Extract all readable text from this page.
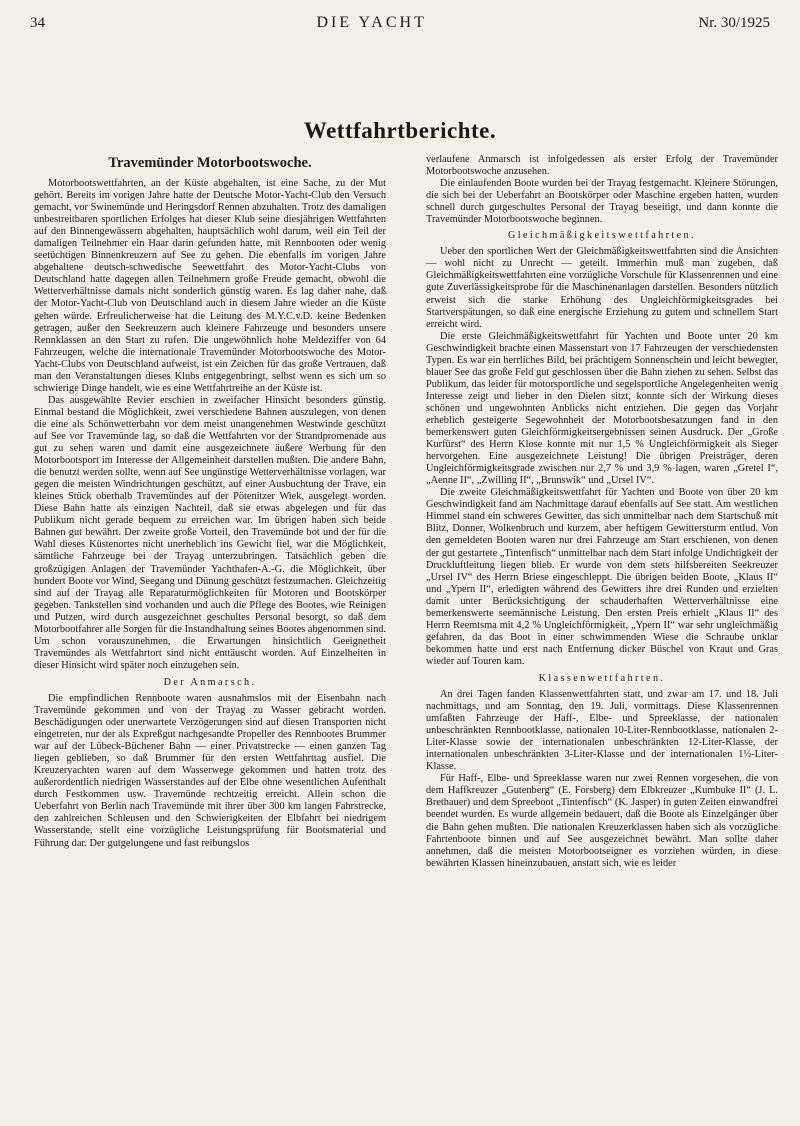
34	DIE YACHT	Nr. 30/1925
Wettfahrtberichte.
Travemünder Motorbootswoche.

Motorbootswettfahrten, an der Küste abgehalten, ist eine Sache, zu der Mut gehört. Bereits im vorigen Jahre hatte der Deutsche Motor-Yacht-Club den Versuch gemacht, vor Swinemünde und Heringsdorf Rennen abzuhalten. Trotz des damaligen unbestreitbaren sportlichen Erfolges hat dieser Klub seine diesjährigen Wettfahrten auf den Binnengewässern abgehalten, hauptsächlich wohl darum, weil ein Teil der damaligen Teilnehmer ein Haar darin gefunden hatte, mit Rennbooten oder wenig seetüchtigen Binnenkreuzern auf See zu gehen. Die ebenfalls im vorigen Jahre abgehaltene deutsch-schwedische Seewettfahrt des Motor-Yacht-Clubs von Deutschland hatte dagegen allen Teilnehmern große Freude gemacht, obwohl die Wetterverhältnisse damals nicht sonderlich günstig waren. Es lag daher nahe, daß der Motor-Yacht-Club von Deutschland auch in diesem Jahre wieder an die Küste gehen würde. Erfreulicherweise hat die Leitung des M.Y.C.v.D. keine Bedenken getragen, außer den Seekreuzern auch kleinere Fahrzeuge und besonders unsere Rennklassen an den Start zu rufen. Die ungewöhnlich hohe Meldeziffer von 64 Fahrzeugen, welche die internationale Travemünder Motorbootswoche des Motor-Yacht-Clubs von Deutschland aufweist, ist ein Zeichen für das große Vertrauen, daß man den Veranstaltungen dieses Klubs entgegenbringt, selbst wenn es sich um so schwierige Dinge handelt, wie es eine Wettfahrtreihe an der Küste ist.

Das ausgewählte Revier erschien in zweifacher Hinsicht besonders günstig. Einmal bestand die Möglichkeit, zwei verschiedene Bahnen auszulegen, von denen die eine als Schönwetterbahn vor dem meist unangenehmen Westwinde geschützt auf See vor Travemünde lag, so daß die Wettfahrten vor der Strandpromenade aus gut zu sehen waren und damit eine ausgezeichnete äußere Werbung für den Motorbootsport im Interesse der Allgemeinheit darstellen mußten. Die andere Bahn, die benutzt werden sollte, wenn auf See ungünstige Wetterverhältnisse vorlagen, war gegen die meisten Windrichtungen geschützt, auf einer Ausbuchtung der Trave, ein kleines Stück oberhalb Travemündes auf der Pötenitzer Wiek, ausgelegt worden. Diese Bahn hatte als einzigen Nachteil, daß sie etwas abgelegen und für das Publikum nicht gerade bequem zu erreichen war. Im übrigen haben sich beide Bahnen gut bewährt. Der zweite große Vorteil, den Travemünde bot und der für die Wahl dieses Küstenortes nicht unerheblich ins Gewicht fiel, war die Möglichkeit, sämtliche Fahrzeuge bei der Trayag unterzubringen. Tatsächlich geben die großzügigen Anlagen der Travemünder Yachthafen-A.-G. die Möglichkeit, über hundert Boote vor Wind, Seegang und Dünung geschützt festzumachen. Gleichzeitig sind auf der Trayag alle Reparaturmöglichkeiten für Motoren und Bootskörper gegeben. Tankstellen sind vorhanden und auch die Pflege des Bootes, wie Reinigen und Putzen, wird durch ausgezeichnet geschultes Personal besorgt, so daß dem Motorbootfahrer alle Sorgen für die Instandhaltung seines Bootes abgenommen sind. Um schon vorauszunehmen, die Erwartungen hinsichtlich Geeignetheit Travemündes als Wettfahrtort sind nicht enttäuscht worden. Auf Einzelheiten in dieser Hinsicht wird später noch einzugehen sein.

Der Anmarsch.

Die empfindlichen Rennboote waren ausnahmslos mit der Eisenbahn nach Travemünde gekommen und von der Trayag zu Wasser gebracht worden. Beschädigungen oder unerwartete Verzögerungen sind auf diesen Transporten nicht eingetreten, nur der als Expreßgut nachgesandte Propeller des Rennbootes Brummer war auf der Lübeck-Büchener Bahn — einer Privatstrecke — einen ganzen Tag liegen geblieben, so daß Brummer für den ersten Wettfahrttag ausfiel. Die Kreuzeryachten waren auf dem Wasserwege gekommen und hatten trotz des außerordentlich niedrigen Wasserstandes auf der Elbe ohne wesentlichen Aufenthalt durch Festkommen usw. Travemünde rechtzeitig erreicht. Allein schon die Ueberfahrt von Berlin nach Travemünde mit ihrer über 300 km langen Fahrstrecke, den zahlreichen Schleusen und den Schwierigkeiten der Elbfahrt bei niedrigem Wasserstande, stellt eine vorzügliche Leistungsprüfung für Bootsmaterial und Führung dar. Der gutgelungene und fast reibungslos

verlaufene Anmarsch ist infolgedessen als erster Erfolg der Travemünder Motorbootswoche anzusehen.

Die einlaufenden Boote wurden bei der Trayag festgemacht. Kleinere Störungen, die sich bei der Ueberfahrt an Bootskörper oder Maschine ergeben hatten, wurden schnell durch gutgeschultes Personal der Trayag beseitigt, und dann konnte die Travemünder Motorbootswoche beginnen.

Gleichmäßigkeitswettfahrten.

Ueber den sportlichen Wert der Gleichmäßigkeitswettfahrten sind die Ansichten — wohl nicht zu Unrecht — geteilt. Immerhin muß man zugeben, daß Gleichmäßigkeitswettfahrten eine vorzügliche Vorschule für Klassenrennen und eine gute Zuverlässigkeitsprobe für die Maschinenanlagen darstellen. Besonders nützlich erweist sich die starke Erhöhung des Ungleichförmigkeitsgrades bei Startverspätungen, so daß eine energische Erziehung zu gutem und schnellem Start erreicht wird.

Die erste Gleichmäßigkeitswettfahrt für Yachten und Boote unter 20 km Geschwindigkeit brachte einen Massenstart von 17 Fahrzeugen der verschiedensten Typen. Es war ein herrliches Bild, bei prächtigem Sonnenschein und leicht bewegter, blauer See das große Feld gut geschlossen über die Bahn ziehen zu sehen. Selbst das Publikum, das leider für motorsportliche und segelsportliche Angelegenheiten wenig Interesse zeigt und lieber in den Dielen sitzt, konnte sich der Wirkung dieses schönen und ungewohnten Anblicks nicht entziehen. Die gegen das Vorjahr erheblich gesteigerte Segewohnheit der Motorbootsbesatzungen fand in den bemerkenswert guten Gleichförmigkeitsergebnissen seinen Ausdruck. Der „Große Kurfürst“ des Herrn Klose konnte mit nur 1,5 % Ungleichförmigkeit als Sieger hervorgehen. Eine ausgezeichnete Leistung! Die übrigen Preisträger, deren Ungleichförmigkeitsgrade zwischen nur 2,7 % und 3,9 % lagen, waren „Gretel I“, „Aenne II“, „Zwilling II“, „Brunswik“ und „Ursel IV“.

Die zweite Gleichmäßigkeitswettfahrt für Yachten und Boote von über 20 km Geschwindigkeit fand am Nachmittage darauf ebenfalls auf See statt. Am westlichen Himmel stand ein schweres Gewitter, das sich unmittelbar nach dem Startschuß mit Blitz, Donner, Wolkenbruch und kurzem, aber heftigem Gewittersturm entlud. Von den gemeldeten Booten waren nur drei Fahrzeuge am Start erschienen, von denen der gut gestartete „Tintenfisch“ unmittelbar nach dem Start infolge Undichtigkeit der Druckluftleitung liegen blieb. Er wurde von dem stets hilfsbereiten Seekreuzer „Ursel IV“ des Herrn Briese eingeschleppt. Die übrigen beiden Boote, „Klaus II“ und „Ypern II“, erledigten während des Gewitters ihre drei Runden und erzielten damit unter Berücksichtigung der schauderhaften Wetterverhältnisse eine bemerkenswerte seemännische Leistung. Den ersten Preis erhielt „Klaus II“ des Herrn Reemtsma mit 4,2 % Ungleichförmigkeit, „Ypern II“ war sehr ungleichmäßig gefahren, da das Boot in einer schwimmenden Wiese die Schraube unklar bekommen hatte und erst nach Entfernung dicker Büschel von Kraut und Gras wieder auf Touren kam.

Klassenwettfahrten.

An drei Tagen fanden Klassenwettfahrten statt, und zwar am 17. und 18. Juli nachmittags, und am Sonntag, den 19. Juli, vormittags. Diese Klassenrennen umfaßten Fahrzeuge der Haff-, Elbe- und Spreeklasse, der nationalen unbeschränkten Rennbootklasse, nationalen 10-Liter-Rennbootklasse, nationalen 2-Liter-Klasse sowie der internationalen unbeschränkten 12-Liter-Klasse, der internationalen unbeschränkten 3-Liter-Klasse und der internationalen 1½-Liter-Klasse.

Für Haff-, Elbe- und Spreeklasse waren nur zwei Rennen vorgesehen, die von dem Haffkreuzer „Gutenberg“ (E. Forsberg) dem Elbkreuzer „Kumbuke II“ (J. L. Brethauer) und dem Spreeboot „Tintenfisch“ (K. Jasper) in guten Zeiten einwandfrei beendet wurden. Es wurde allgemein bedauert, daß die Boote als Einzelgänger über die Bahn gehen mußten. Die nationalen Kreuzerklassen haben sich als vorzügliche Fahrtenboote binnen und auf See ausgezeichnet bewährt. Man sollte daher annehmen, daß die meisten Motorbootseigner es vorziehen würden, in diese bewährten Klassen hineinzubauen, anstatt sich, wie es leider
